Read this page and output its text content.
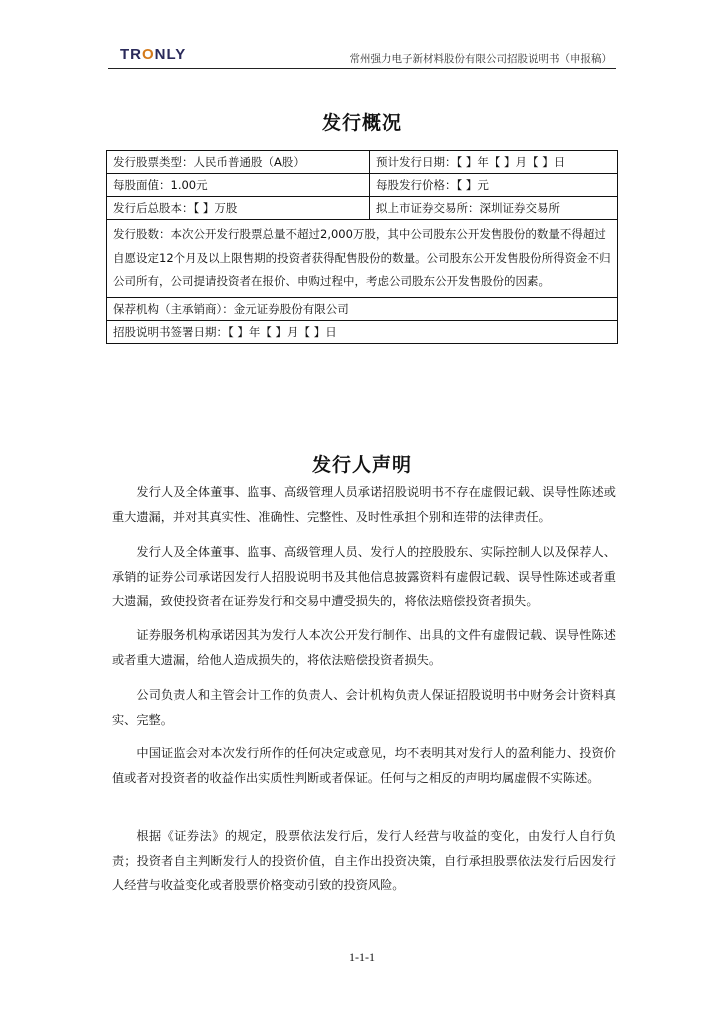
TRONLY	常州强力电子新材料股份有限公司招股说明书（申报稿）
发行概况
发行股票类型：人民币普通股（A股）	预计发行日期：【 】年【 】月【 】日
每股面值：1.00元	每股发行价格：【 】元
发行后总股本：【 】万股	拟上市证券交易所：深圳证券交易所
发行股数：本次公开发行股票总量不超过2,000万股，其中公司股东公开发售股份的数量不得超过自愿设定12个月及以上限售期的投资者获得配售股份的数量。公司股东公开发售股份所得资金不归公司所有，公司提请投资者在报价、申购过程中，考虑公司股东公开发售股份的因素。	
保荐机构（主承销商）：金元证券股份有限公司	
招股说明书签署日期：【 】年【 】月【 】日	
发行人声明

发行人及全体董事、监事、高级管理人员承诺招股说明书不存在虚假记载、误导性陈述或重大遗漏，并对其真实性、准确性、完整性、及时性承担个别和连带的法律责任。

发行人及全体董事、监事、高级管理人员、发行人的控股股东、实际控制人以及保荐人、承销的证券公司承诺因发行人招股说明书及其他信息披露资料有虚假记载、误导性陈述或者重大遗漏，致使投资者在证券发行和交易中遭受损失的，将依法赔偿投资者损失。

证券服务机构承诺因其为发行人本次公开发行制作、出具的文件有虚假记载、误导性陈述或者重大遗漏，给他人造成损失的，将依法赔偿投资者损失。

公司负责人和主管会计工作的负责人、会计机构负责人保证招股说明书中财务会计资料真实、完整。

中国证监会对本次发行所作的任何决定或意见，均不表明其对发行人的盈利能力、投资价值或者对投资者的收益作出实质性判断或者保证。任何与之相反的声明均属虚假不实陈述。

根据《证券法》的规定，股票依法发行后，发行人经营与收益的变化，由发行人自行负责；投资者自主判断发行人的投资价值，自主作出投资决策，自行承担股票依法发行后因发行人经营与收益变化或者股票价格变动引致的投资风险。

1-1-1
